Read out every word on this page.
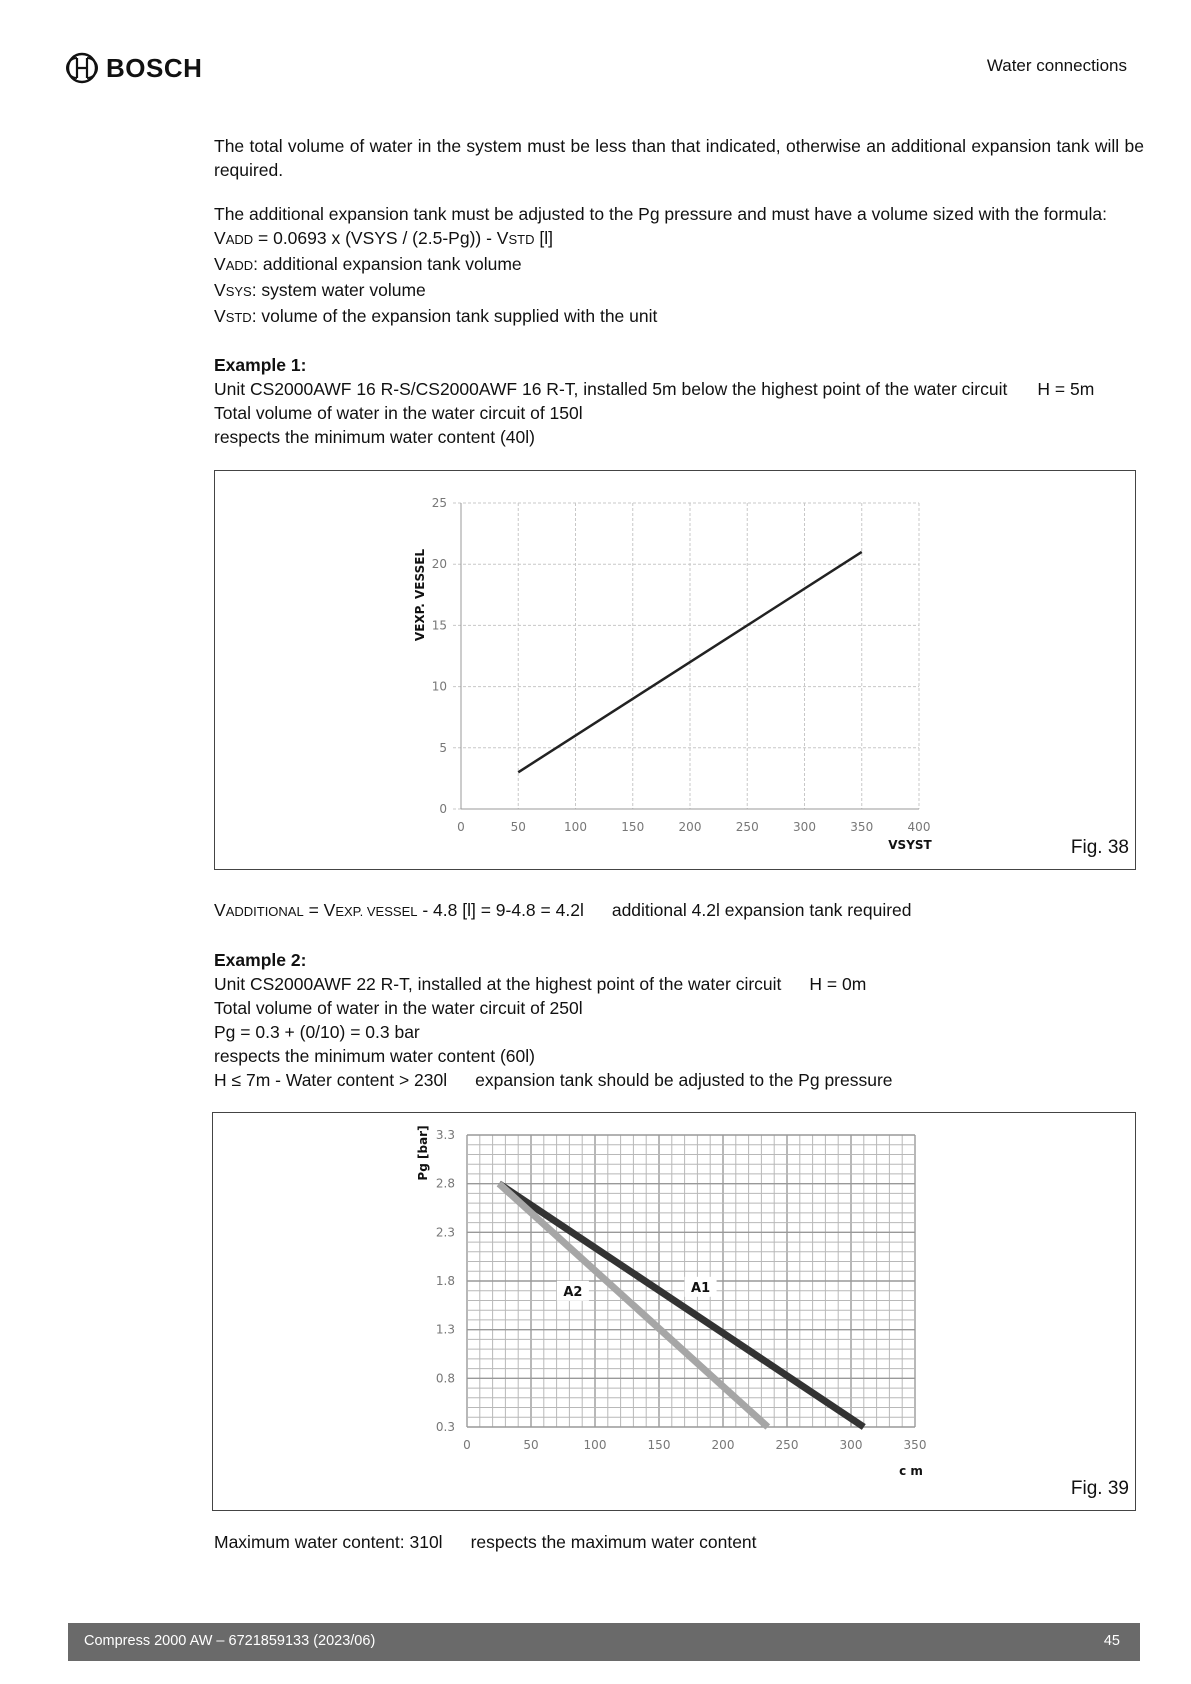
BOSCH	Water connections

The total volume of water in the system must be less than that indicated, otherwise an additional expansion tank will be required.

The additional expansion tank must be adjusted to the Pg pressure and must have a volume sized with the formula:

VADD = 0.0693 x (VSYS / (2.5-Pg)) - VSTD [l]

VADD: additional expansion tank volume

VSYS: system water volume

VSTD: volume of the expansion tank supplied with the unit

Example 1:

Unit CS2000AWF 16 R-S/CS2000AWF 16 R-T, installed 5m below the highest point of the water circuit H = 5m

Total volume of water in the water circuit of 150l

respects the minimum water content (40l)

0	50	100	150	200	250	300	350	400
0
5
10
15
20
25
VEXP. VESSEL
VSYST	Fig. 38

VADDITIONAL = VEXP. VESSEL - 4.8 [l] = 9-4.8 = 4.2l additional 4.2l expansion tank required

Example 2:

Unit CS2000AWF 22 R-T, installed at the highest point of the water circuit H = 0m

Total volume of water in the water circuit of 250l

Pg = 0.3 + (0/10) = 0.3 bar

respects the minimum water content (60l)

H ≤ 7m - Water content > 230l expansion tank should be adjusted to the Pg pressure

0	50	100	150	200	250	300	350
0.3
0.8
1.3
1.8
2.3
2.8
3.3
Pg [bar]
c m
A1
A2
Fig. 39

Maximum water content: 310l respects the maximum water content

Compress 2000 AW – 6721859133 (2023/06)	45
